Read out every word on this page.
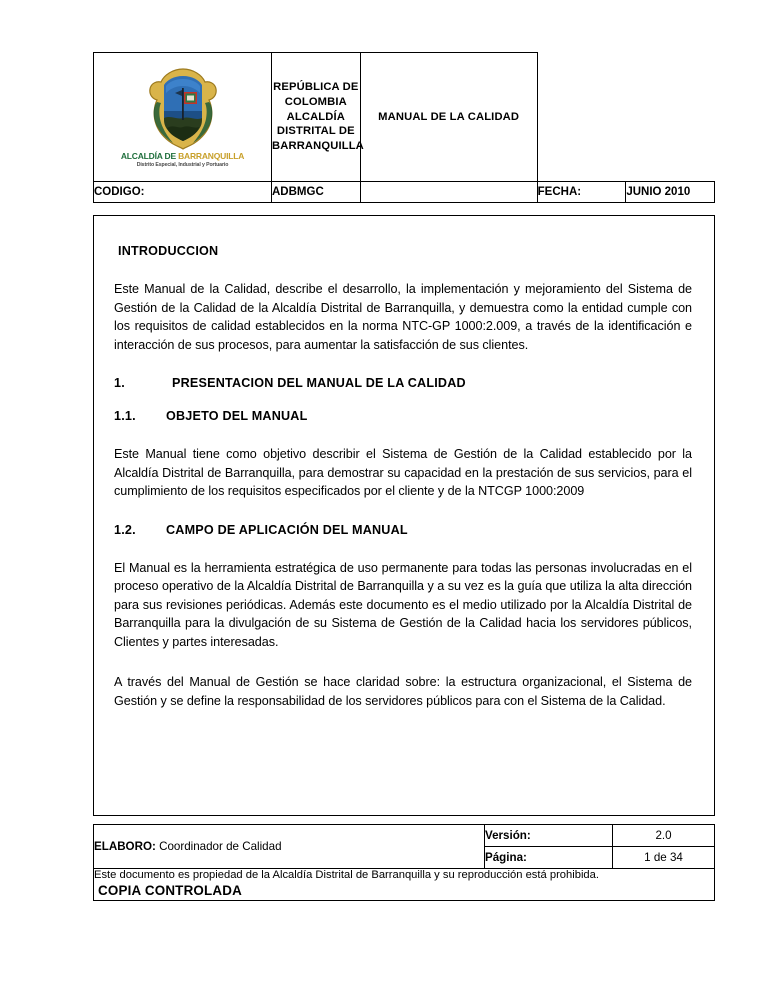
ALCALDÍA DE BARRANQUILLA
Distrito Especial, Industrial y Portuario

REPÚBLICA DE COLOMBIA
ALCALDÍA DISTRITAL DE BARRANQUILLA
	MANUAL DE LA CALIDAD
CODIGO:	ADBMGC		FECHA:	JUNIO 2010
INTRODUCCION

Este Manual de la Calidad, describe el desarrollo, la implementación y mejoramiento del Sistema de Gestión de la Calidad de la Alcaldía Distrital de Barranquilla, y demuestra como la entidad cumple con los requisitos de calidad establecidos en la norma NTC-GP 1000:2.009, a través de la identificación e interacción de sus procesos, para aumentar la satisfacción de sus clientes.

1.	PRESENTACION DEL MANUAL DE LA CALIDAD
1.1.	OBJETO DEL MANUAL

Este Manual tiene como objetivo describir el Sistema de Gestión de la Calidad establecido por la Alcaldía Distrital de Barranquilla, para demostrar su capacidad en la prestación de sus servicios, para el cumplimiento de los requisitos especificados por el cliente y de la NTCGP 1000:2009

1.2.	CAMPO DE APLICACIÓN DEL MANUAL

El Manual es la herramienta estratégica de uso permanente para todas las personas involucradas en el proceso operativo de la Alcaldía Distrital de Barranquilla y a su vez es la guía que utiliza la alta dirección para sus revisiones periódicas. Además este documento es el medio utilizado por la Alcaldía Distrital de Barranquilla para la divulgación de su Sistema de Gestión de la Calidad hacia los servidores públicos, Clientes y partes interesadas.

A través del Manual de Gestión se hace claridad sobre: la estructura organizacional, el Sistema de Gestión y se define la responsabilidad de los servidores públicos para con el Sistema de la Calidad.

ELABORO: Coordinador de Calidad	Versión:	2.0
	Página:	1 de 34

Este documento es propiedad de la Alcaldía Distrital de Barranquilla y su reproducción está prohibida.
COPIA CONTROLADA		
